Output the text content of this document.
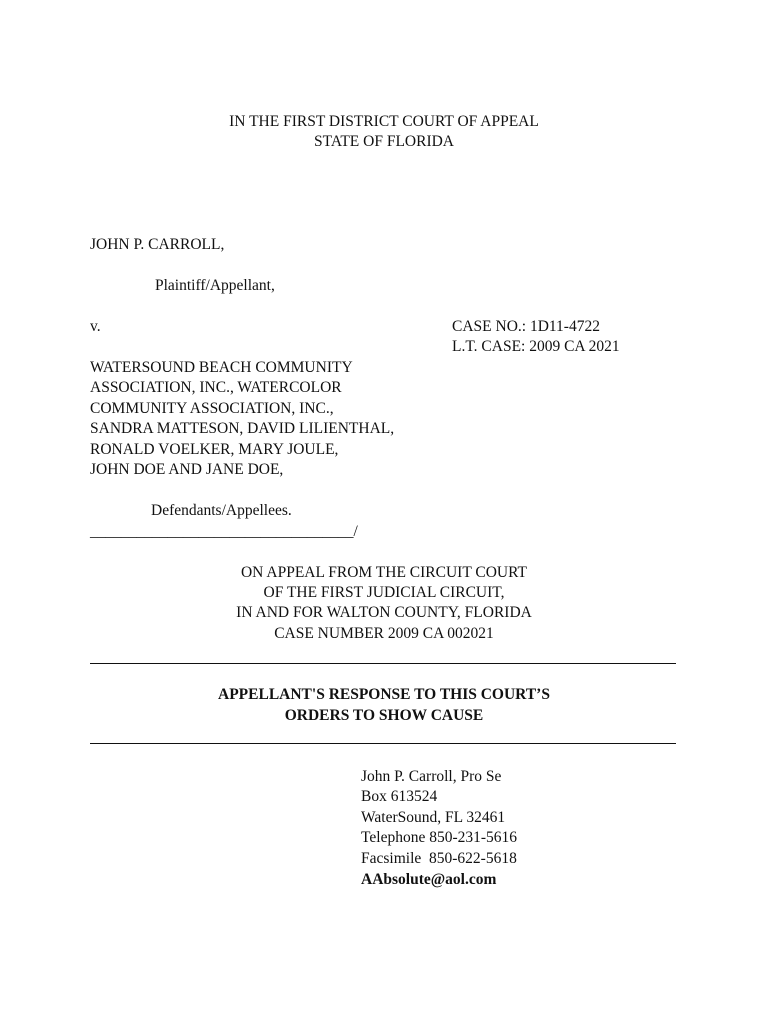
IN THE FIRST DISTRICT COURT OF APPEAL
STATE OF FLORIDA
JOHN P. CARROLL,
Plaintiff/Appellant,
v.	CASE NO.: 1D11-4722
L.T. CASE: 2009 CA 2021
WATERSOUND BEACH COMMUNITY
ASSOCIATION, INC., WATERCOLOR
COMMUNITY ASSOCIATION, INC.,
SANDRA MATTESON, DAVID LILIENTHAL,
RONALD VOELKER, MARY JOULE,
JOHN DOE AND JANE DOE,
Defendants/Appellees.
__________________________________/
ON APPEAL FROM THE CIRCUIT COURT
OF THE FIRST JUDICIAL CIRCUIT,
IN AND FOR WALTON COUNTY, FLORIDA
CASE NUMBER 2009 CA 002021
APPELLANT'S RESPONSE TO THIS COURT’S
ORDERS TO SHOW CAUSE
John P. Carroll, Pro Se
Box 613524
WaterSound, FL 32461
Telephone 850-231-5616
Facsimile  850-622-5618
AAbsolute@aol.com
